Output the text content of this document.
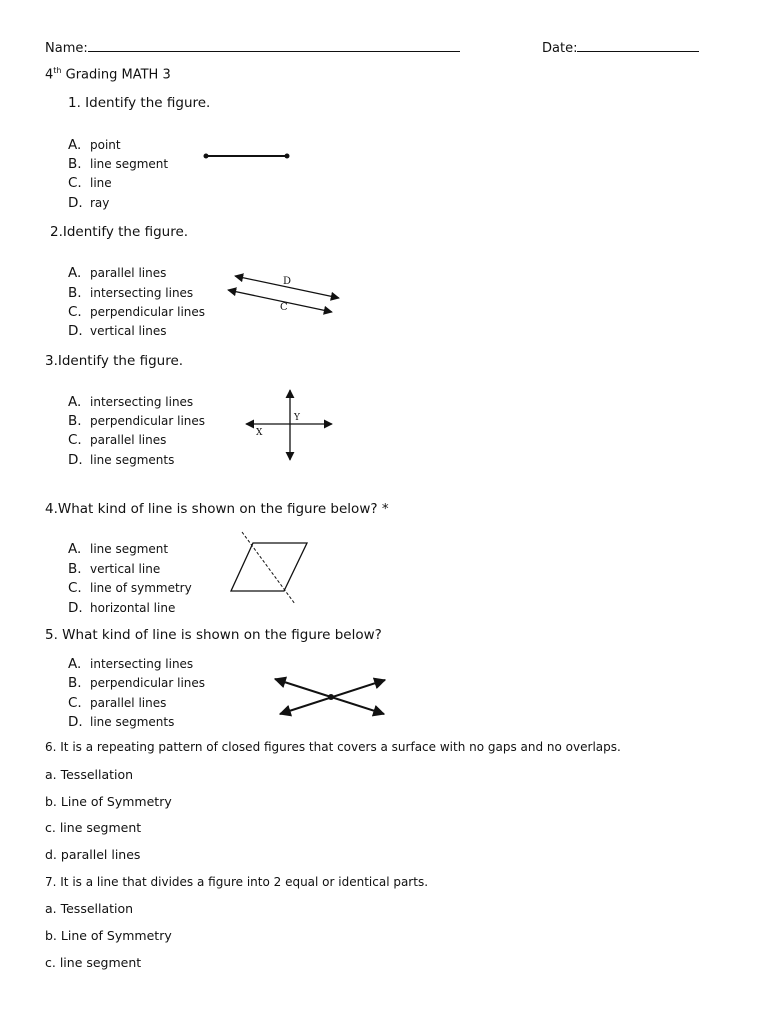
Name:	Date:
4th Grading MATH 3
1. Identify the figure.
A. point
B. line segment
C. line
D. ray
2.Identify the figure.
A. parallel lines
B. intersecting lines
C. perpendicular lines
D. vertical lines
D
C
3.Identify the figure.
A. intersecting lines
B. perpendicular lines
C. parallel lines
D. line segments
Y
X
4.What kind of line is shown on the figure below? *
A. line segment
B. vertical line
C. line of symmetry
D. horizontal line
5. What kind of line is shown on the figure below?
A. intersecting lines
B. perpendicular lines
C. parallel lines
D. line segments
6. It is a repeating pattern of closed figures that covers a surface with no gaps and no overlaps.
a. Tessellation
b. Line of Symmetry
c. line segment
d. parallel lines
7. It is a line that divides a figure into 2 equal or identical parts.
a. Tessellation
b. Line of Symmetry
c. line segment
